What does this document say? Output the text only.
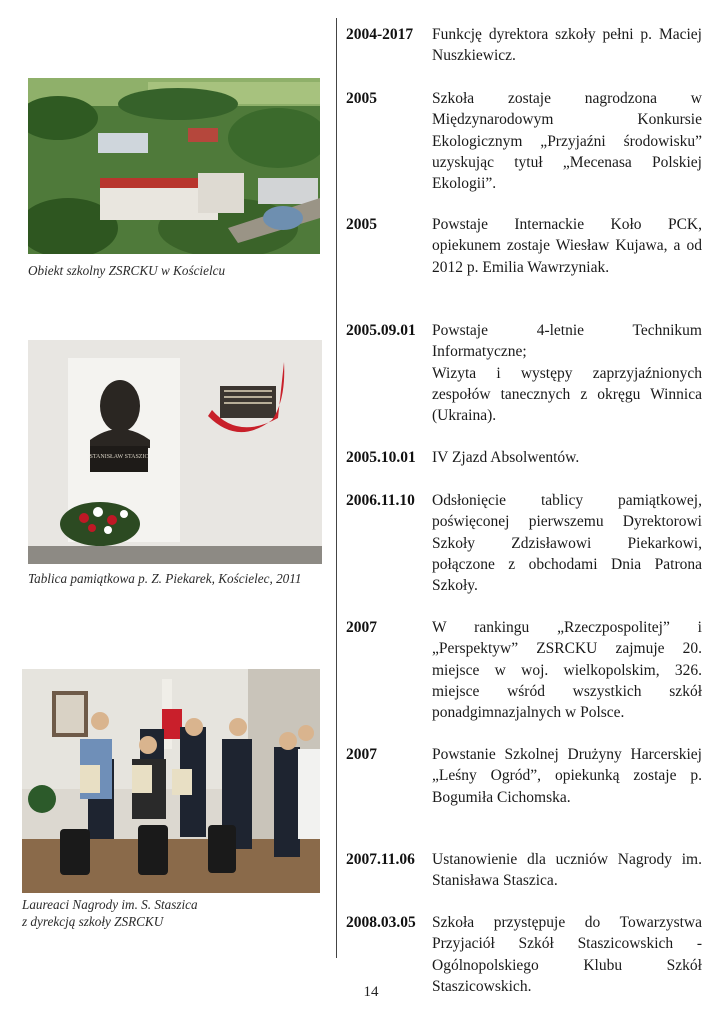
Obiekt szkolny ZSRCKU w Kościelcu

STANISŁAW STASZIC

Tablica pamiątkowa p. Z. Piekarek, Kościelec, 2011

Laureaci Nagrody im. S. Staszica
z dyrekcją szkoły ZSRCKU

2004-2017	Funkcję dyrektora szkoły pełni p. Maciej Nuszkiewicz.

2005	Szkoła zostaje nagrodzona w Międzynarodowym Konkursie Ekologicznym „Przyjaźni środowisku” uzyskując tytuł „Mecenasa Polskiej Ekologii”.

2005	Powstaje Internackie Koło PCK, opiekunem zostaje Wiesław Kujawa, a od 2012 p. Emilia Wawrzyniak.

2005.09.01	Powstaje 4-letnie Technikum Informatyczne;
Wizyta i występy zaprzyjaźnionych zespołów tanecznych z okręgu Winnica (Ukraina).

2005.10.01	IV Zjazd Absolwentów.

2006.11.10	Odsłonięcie tablicy pamiątkowej, poświęconej pierwszemu Dyrektorowi Szkoły Zdzisławowi Piekarkowi, połączone z obchodami Dnia Patrona Szkoły.

2007	W rankingu „Rzeczpospolitej” i „Perspektyw” ZSRCKU zajmuje 20. miejsce w woj. wielkopolskim, 326. miejsce wśród wszystkich szkół ponadgimnazjalnych w Polsce.

2007	Powstanie Szkolnej Drużyny Harcerskiej „Leśny Ogród”, opiekunką zostaje p. Bogumiła Cichomska.

2007.11.06	Ustanowienie dla uczniów Nagrody im. Stanisława Staszica.

2008.03.05	Szkoła przystępuje do Towarzystwa Przyjaciół Szkół Staszicowskich - Ogólnopolskiego Klubu Szkół Staszicowskich.

14
